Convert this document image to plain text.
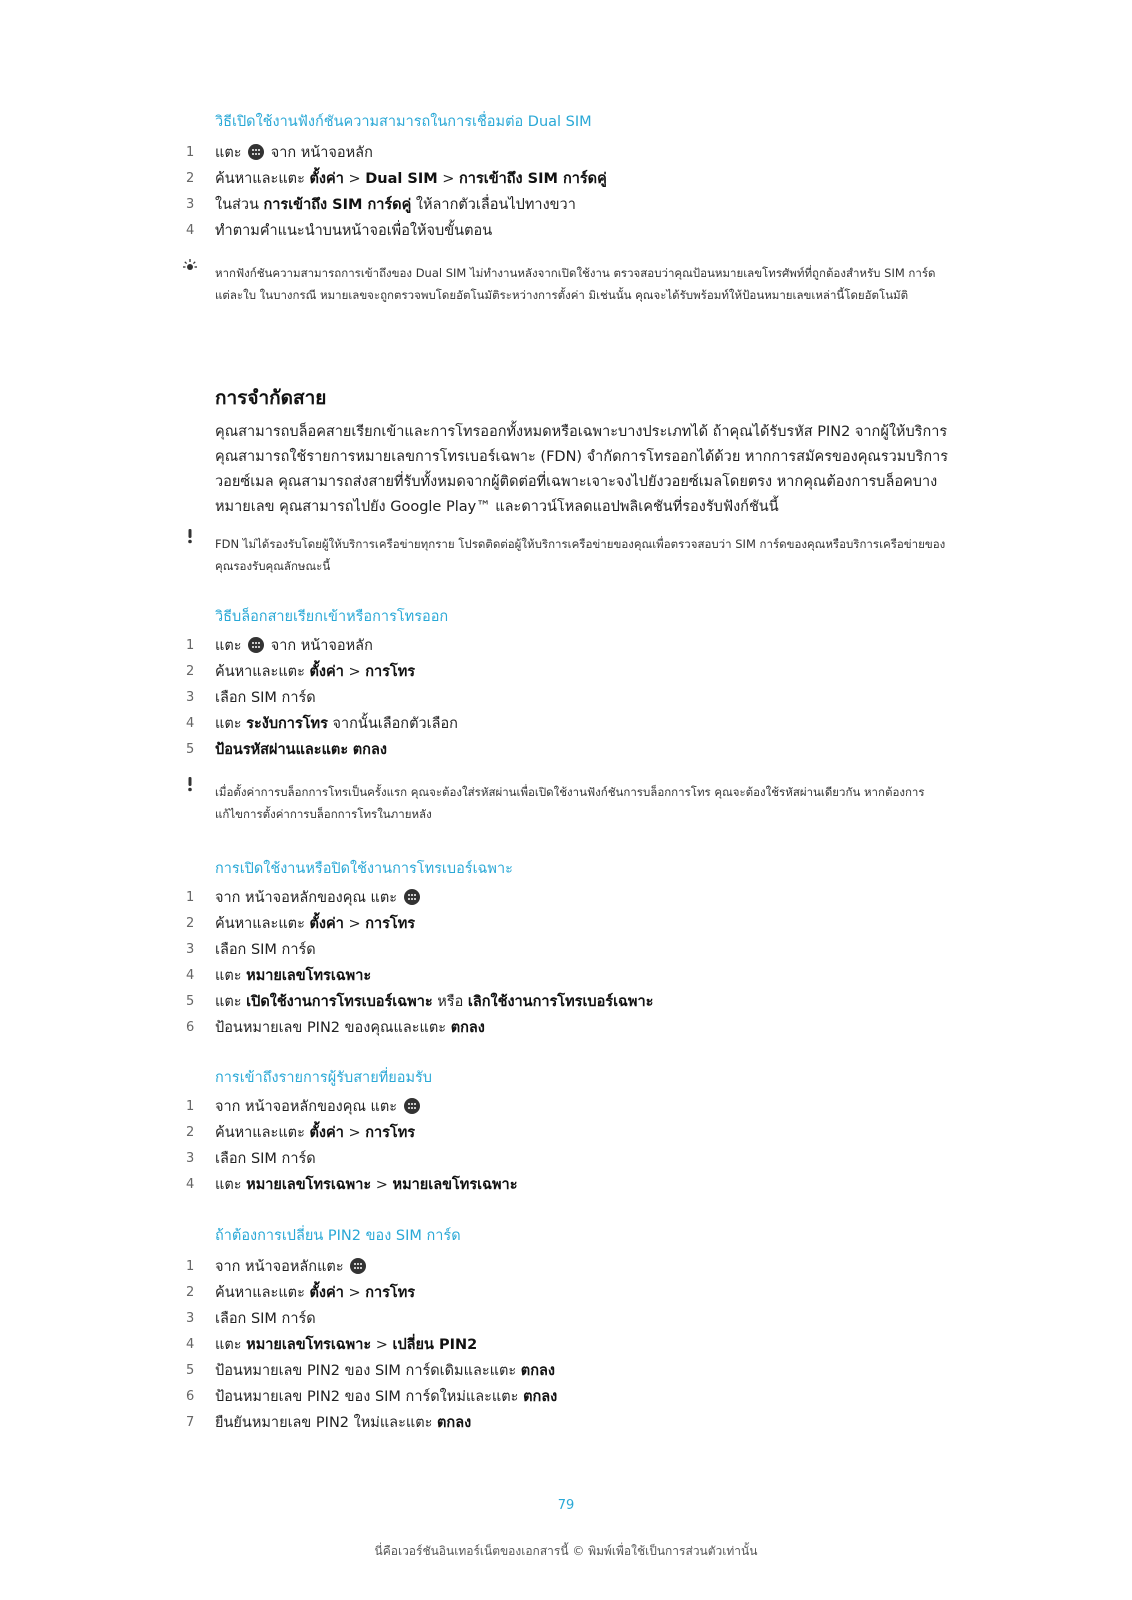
วิธีเปิดใช้งานฟังก์ชันความสามารถในการเชื่อมต่อ Dual SIM
1	แตะ จาก หน้าจอหลัก
2	ค้นหาและแตะ ตั้งค่า > Dual SIM > การเข้าถึง SIM การ์ดคู่
3	ในส่วน การเข้าถึง SIM การ์ดคู่ ให้ลากตัวเลื่อนไปทางขวา
4	ทำตามคำแนะนำบนหน้าจอเพื่อให้จบขั้นตอน
หากฟังก์ชันความสามารถการเข้าถึงของ Dual SIM ไม่ทำงานหลังจากเปิดใช้งาน ตรวจสอบว่าคุณป้อนหมายเลขโทรศัพท์ที่ถูกต้องสำหรับ SIM การ์ดแต่ละใบ ในบางกรณี หมายเลขจะถูกตรวจพบโดยอัตโนมัติระหว่างการตั้งค่า มิเช่นนั้น คุณจะได้รับพร้อมท์ให้ป้อนหมายเลขเหล่านี้โดยอัตโนมัติ
การจำกัดสาย
คุณสามารถบล็อคสายเรียกเข้าและการโทรออกทั้งหมดหรือเฉพาะบางประเภทได้ ถ้าคุณได้รับรหัส PIN2 จากผู้ให้บริการ คุณสามารถใช้รายการหมายเลขการโทรเบอร์เฉพาะ (FDN) จำกัดการโทรออกได้ด้วย หากการสมัครของคุณรวมบริการวอยซ์เมล คุณสามารถส่งสายที่รับทั้งหมดจากผู้ติดต่อที่เฉพาะเจาะจงไปยังวอยซ์เมลโดยตรง หากคุณต้องการบล็อคบางหมายเลข คุณสามารถไปยัง Google Play™ และดาวน์โหลดแอปพลิเคชันที่รองรับฟังก์ชันนี้
FDN ไม่ได้รองรับโดยผู้ให้บริการเครือข่ายทุกราย โปรดติดต่อผู้ให้บริการเครือข่ายของคุณเพื่อตรวจสอบว่า SIM การ์ดของคุณหรือบริการเครือข่ายของคุณรองรับคุณลักษณะนี้
วิธีบล็อกสายเรียกเข้าหรือการโทรออก
1	แตะ จาก หน้าจอหลัก
2	ค้นหาและแตะ ตั้งค่า > การโทร
3	เลือก SIM การ์ด
4	แตะ ระงับการโทร จากนั้นเลือกตัวเลือก
5	ป้อนรหัสผ่านและแตะ ตกลง
เมื่อตั้งค่าการบล็อกการโทรเป็นครั้งแรก คุณจะต้องใส่รหัสผ่านเพื่อเปิดใช้งานฟังก์ชันการบล็อกการโทร คุณจะต้องใช้รหัสผ่านเดียวกัน หากต้องการแก้ไขการตั้งค่าการบล็อกการโทรในภายหลัง
การเปิดใช้งานหรือปิดใช้งานการโทรเบอร์เฉพาะ
1	จาก หน้าจอหลักของคุณ แตะ
2	ค้นหาและแตะ ตั้งค่า > การโทร
3	เลือก SIM การ์ด
4	แตะ หมายเลขโทรเฉพาะ
5	แตะ เปิดใช้งานการโทรเบอร์เฉพาะ หรือ เลิกใช้งานการโทรเบอร์เฉพาะ
6	ป้อนหมายเลข PIN2 ของคุณและแตะ ตกลง
การเข้าถึงรายการผู้รับสายที่ยอมรับ
1	จาก หน้าจอหลักของคุณ แตะ
2	ค้นหาและแตะ ตั้งค่า > การโทร
3	เลือก SIM การ์ด
4	แตะ หมายเลขโทรเฉพาะ > หมายเลขโทรเฉพาะ
ถ้าต้องการเปลี่ยน PIN2 ของ SIM การ์ด
1	จาก หน้าจอหลักแตะ
2	ค้นหาและแตะ ตั้งค่า > การโทร
3	เลือก SIM การ์ด
4	แตะ หมายเลขโทรเฉพาะ > เปลี่ยน PIN2
5	ป้อนหมายเลข PIN2 ของ SIM การ์ดเดิมและแตะ ตกลง
6	ป้อนหมายเลข PIN2 ของ SIM การ์ดใหม่และแตะ ตกลง
7	ยืนยันหมายเลข PIN2 ใหม่และแตะ ตกลง
79
นี่คือเวอร์ชันอินเทอร์เน็ตของเอกสารนี้ © พิมพ์เพื่อใช้เป็นการส่วนตัวเท่านั้น
